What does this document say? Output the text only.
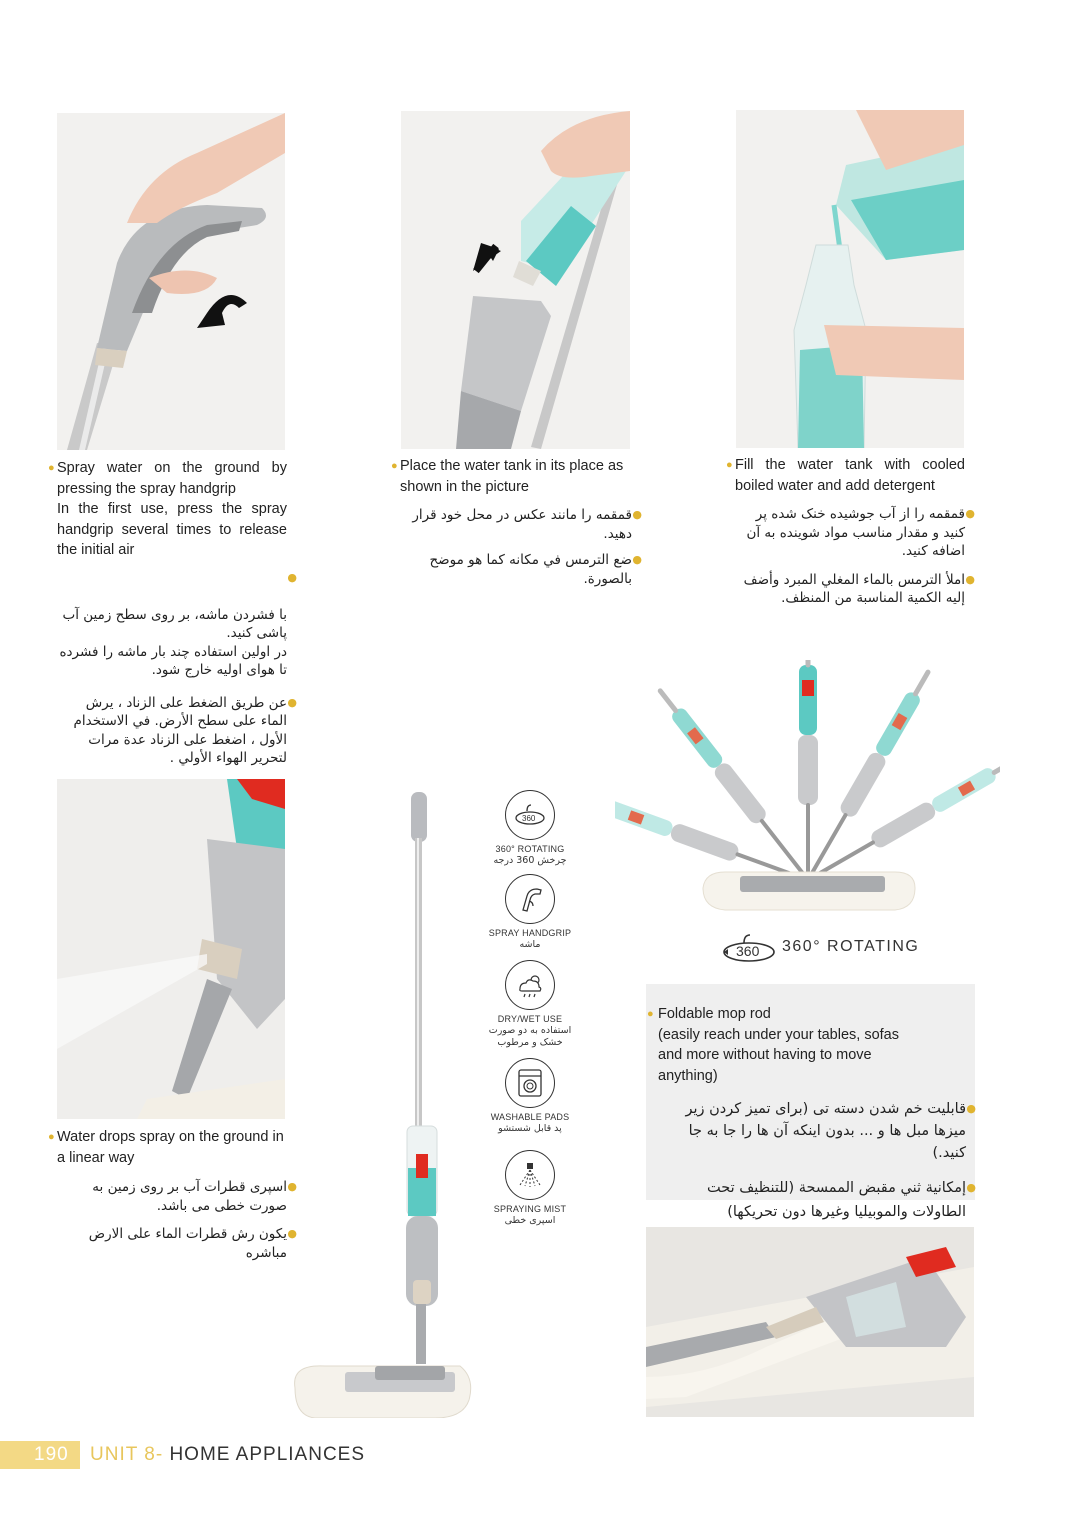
● Spray water on the ground by pressing the spray handgrip
In the first use, press the spray handgrip several times to release the initial air

●

با فشردن ماشه، بر روی سطح زمین آب پاشی کنید.
در اولین استفاده چند بار ماشه را فشرده تا هوای اولیه خارج شود.

●
عن طريق الضغط على الزناد ، يرش الماء على سطح الأرض. في الاستخدام الأول ، اضغط على الزناد عدة مرات لتحرير الهواء الأولي .
● Place the water tank in its place as shown in the picture
●
قمقمه را مانند عکس در محل خود قرار دهید.
●
ضع الترمس في مكانه كما هو موضح بالصورة.
● Fill the water tank with cooled boiled water and add detergent
●
قمقمه را از آب جوشیده خنک شده پر کنید و مقدار مناسب مواد شوینده به آن اضافه کنید.
●
املأ الترمس بالماء المغلي المبرد وأضف إليه الكمية المناسبة من المنظف.
360 360° ROTATING
● Foldable mop rod
(easily reach under your tables, sofas and more without having to move anything)
●
قابلیت خم شدن دسته تی (برای تمیز کردن زیر میزها مبل ها و ... بدون اینکه آن ها را جا به جا کنید.)
●
إمكانية ثني مقبض الممسحة (للتنظيف تحت الطاولات والموبيليا وغيرها دون تحريكها)
● Water drops spray on the ground in a linear way
●
اسپری قطرات آب بر روی زمین به صورت خطی می باشد.
●
يكون رش قطرات الماء على الارض مباشره
360
360° ROTATING
چرخش 360 درجه
SPRAY HANDGRIP
ماشه
DRY/WET USE
استفاده به دو صورت خشک و مرطوب
WASHABLE PADS
پد قابل شستشو
SPRAYING MIST
اسپری خطی
190 UNIT 8- HOME APPLIANCES
